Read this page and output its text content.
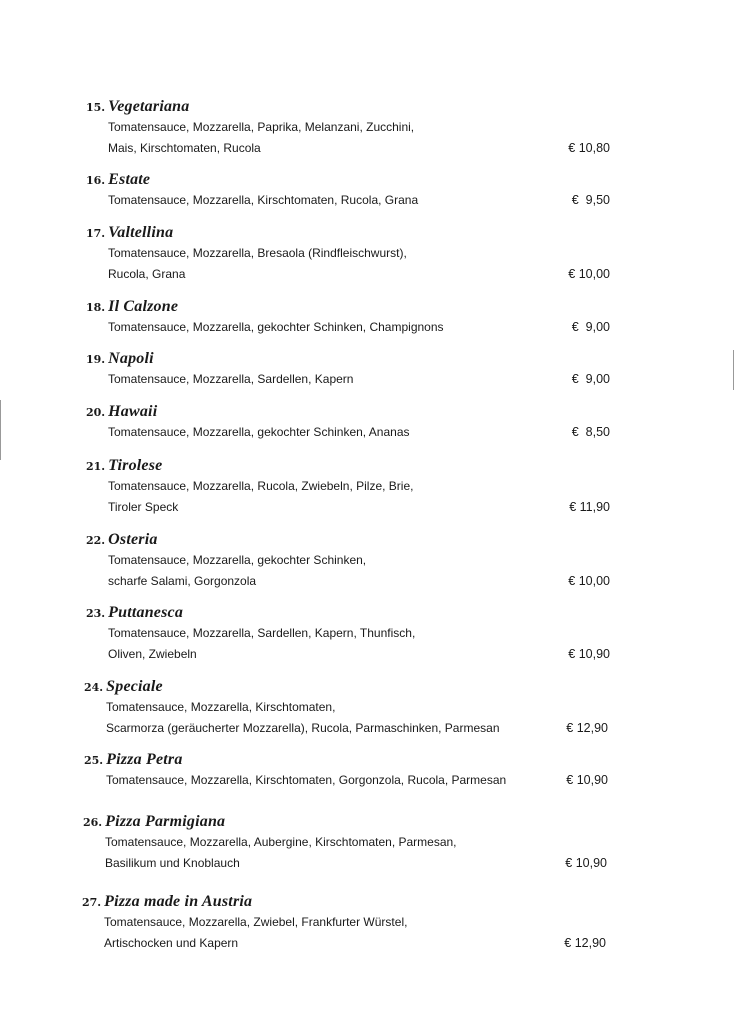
15. Vegetariana
Tomatensauce, Mozzarella, Paprika, Melanzani, Zucchini,
Mais, Kirschtomaten, Rucola	€ 10,80
16. Estate
Tomatensauce, Mozzarella, Kirschtomaten, Rucola, Grana	€  9,50
17. Valtellina
Tomatensauce, Mozzarella, Bresaola (Rindfleischwurst),
Rucola, Grana	€ 10,00
18. Il Calzone
Tomatensauce, Mozzarella, gekochter Schinken, Champignons	€  9,00
19. Napoli
Tomatensauce, Mozzarella, Sardellen, Kapern	€  9,00
20. Hawaii
Tomatensauce, Mozzarella, gekochter Schinken, Ananas	€  8,50
21. Tirolese
Tomatensauce, Mozzarella, Rucola, Zwiebeln, Pilze, Brie,
Tiroler Speck	€ 11,90
22. Osteria
Tomatensauce, Mozzarella, gekochter Schinken,
scharfe Salami, Gorgonzola	€ 10,00
23. Puttanesca
Tomatensauce, Mozzarella, Sardellen, Kapern, Thunfisch,
Oliven, Zwiebeln	€ 10,90
24. Speciale
Tomatensauce, Mozzarella, Kirschtomaten,
Scarmorza (geräucherter Mozzarella), Rucola, Parmaschinken, Parmesan	€ 12,90
25. Pizza Petra
Tomatensauce, Mozzarella, Kirschtomaten, Gorgonzola, Rucola, Parmesan	€ 10,90
26. Pizza Parmigiana
Tomatensauce, Mozzarella, Aubergine, Kirschtomaten, Parmesan,
Basilikum und Knoblauch	€ 10,90
27. Pizza made in Austria
Tomatensauce, Mozzarella, Zwiebel, Frankfurter Würstel,
Artischocken und Kapern	€ 12,90
